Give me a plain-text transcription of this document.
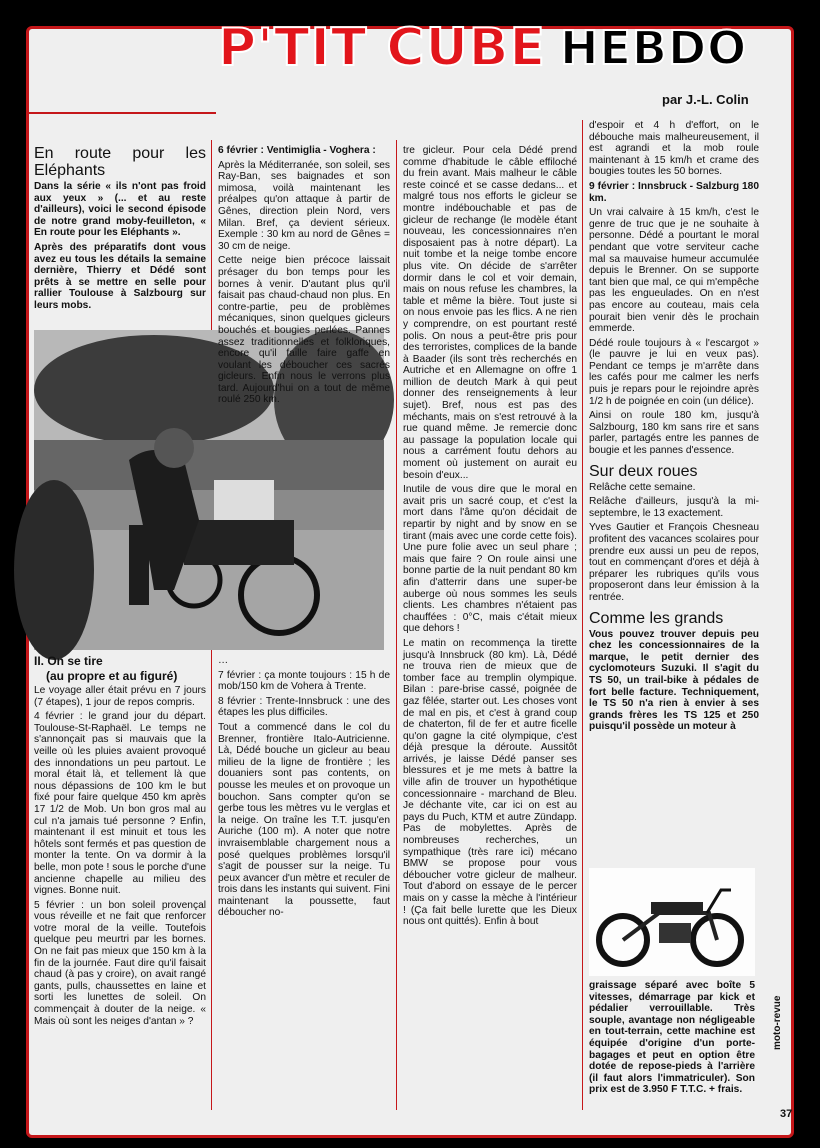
P'TIT CUBE HEBDO
par J.-L. Colin
En route pour les Eléphants

Dans la série « ils n'ont pas froid aux yeux » (... et au reste d'ailleurs), voici le second épisode de notre grand moby-feuilleton, « En route pour les Eléphants ».

Après des préparatifs dont vous avez eu tous les détails la semaine dernière, Thierry et Dédé sont prêts à se mettre en selle pour rallier Toulouse à Salzbourg sur leurs mobs.

II. On se tire
(au propre et au figuré)

Le voyage aller était prévu en 7 jours (7 étapes), 1 jour de repos compris.

4 février : le grand jour du départ. Toulouse-St-Raphaël. Le temps ne s'annonçait pas si mauvais que la veille où les pluies avaient provoqué des innondations un peu partout. Le moral était là, et tellement là que nous dépassions de 100 km le but fixé pour faire quelque 450 km après 17 1/2 de Mob. Un bon gros mal au cul n'a jamais tué personne ? Enfin, maintenant il est minuit et tous les hôtels sont fermés et pas question de monter la tente. On va dormir à la belle, mon pote ! sous le porche d'une ancienne chapelle au milieu des vignes. Bonne nuit.

5 février : un bon soleil provençal vous réveille et ne fait que renforcer votre moral de la veille. Toutefois quelque peu meurtri par les bornes. On ne fait pas mieux que 150 km à la fin de la journée. Faut dire qu'il faisait chaud (à pas y croire), on avait rangé gants, pulls, chaussettes en laine et sorti les lunettes de soleil. On commençait à douter de la neige. « Mais où sont les neiges d'antan » ?

6 février : Ventimiglia - Voghera :

Après la Méditerranée, son soleil, ses Ray-Ban, ses baignades et son mimosa, voilà maintenant les préalpes qu'on attaque à partir de Gênes, direction plein Nord, vers Milan. Bref, ça devient sérieux. Exemple : 30 km au nord de Gênes = 30 cm de neige.

Cette neige bien précoce laissait présager du bon temps pour les bornes à venir. D'autant plus qu'il faisait pas chaud-chaud non plus. En contre-partie, peu de problèmes mécaniques, sinon quelques gicleurs bouchés et bougies perlées. Pannes assez traditionnelles et folkloriques, encore qu'il faille faire gaffe en voulant les déboucher ces sacrés gicleurs. Enfin nous le verrons plus tard. Aujourd'hui on a tout de même roulé 250 km.

…

7 février : ça monte toujours : 15 h de mob/150 km de Vohera à Trente.

8 février : Trente-Innsbruck : une des étapes les plus difficiles.

Tout a commencé dans le col du Brenner, frontière Italo-Autricienne. Là, Dédé bouche un gicleur au beau milieu de la ligne de frontière ; les douaniers sont pas contents, on pousse les meules et on provoque un bouchon. Sans compter qu'on se gerbe tous les mètres vu le verglas et la neige. On traîne les T.T. jusqu'en Auriche (100 m). A noter que notre invraisemblable chargement nous a posé quelques problèmes lorsqu'il s'agit de pousser sur la neige. Tu peux avancer d'un mètre et reculer de trois dans les instants qui suivent. Fini maintenant la poussette, faut déboucher no-

tre gicleur. Pour cela Dédé prend comme d'habitude le câble effiloché du frein avant. Mais malheur le câble reste coincé et se casse dedans... et malgré tous nos efforts le gicleur se montre indébouchable et pas de gicleur de rechange (le modèle étant nouveau, les concessionnaires n'en disposaient pas à notre départ). La nuit tombe et la neige tombe encore plus vite. On décide de s'arrêter dormir dans le col et voir demain, mais on nous refuse les chambres, la table et même la bière. Tout juste si on nous envoie pas les flics. A ne rien y comprendre, on est pourtant resté polis. On nous a peut-être pris pour des terroristes, complices de la bande à Baader (ils sont très recherchés en Autriche et en Allemagne on offre 1 million de deutch Mark à qui peut donner des renseignements à leur sujet). Bref, nous est pas des méchants, mais on s'est retrouvé à la rue quand même. Je remercie donc au passage la population locale qui nous a carrément foutu dehors au moment où justement on aurait eu besoin d'eux...

Inutile de vous dire que le moral en avait pris un sacré coup, et c'est la mort dans l'âme qu'on décidait de repartir by night and by snow en se tirant (mais avec une corde cette fois). Une pure folie avec un seul phare ; mais que faire ? On roule ainsi une bonne partie de la nuit pendant 80 km afin d'atterrir dans une super-be auberge où nous sommes les seuls clients. Les chambres n'étaient pas chauffées : 0°C, mais c'était mieux que dehors !

Le matin on recommença la tirette jusqu'à Innsbruck (80 km). Là, Dédé ne trouva rien de mieux que de tomber face au tremplin olympique. Bilan : pare-brise cassé, poignée de gaz fêlée, starter out. Les choses vont de mal en pis, et c'est à grand coup de chaterton, fil de fer et autre ficelle qu'on gagne la cité olympique, c'est déjà presque la déroute. Aussitôt arrivés, je laisse Dédé panser ses blessures et je me mets à battre la ville afin de trouver un hypothétique concessionnaire - marchand de Bleu. Je déchante vite, car ici on est au pays du Puch, KTM et autre Zündapp. Pas de mobylettes. Après de nombreuses recherches, un sympathique (très rare ici) mécano BMW se propose pour vous déboucher votre gicleur de malheur. Tout d'abord on essaye de le percer mais on y casse la mèche à l'intérieur ! (Ça fait belle lurette que les Dieux nous ont quittés). Enfin à bout

d'espoir et 4 h d'effort, on le débouche mais malheureusement, il est agrandi et la mob roule maintenant à 15 km/h et crame des bougies toutes les 50 bornes.

9 février : Innsbruck - Salzburg 180 km.

Un vrai calvaire à 15 km/h, c'est le genre de truc que je ne souhaite à personne. Dédé a pourtant le moral pendant que votre serviteur cache mal sa mauvaise humeur accumulée depuis le Brenner. On se supporte tant bien que mal, ce qui m'empêche pas les engueulades. On en n'est pas encore au couteau, mais cela pourait bien venir dès le prochain emmerde.

Dédé roule toujours à « l'escargot » (le pauvre je lui en veux pas). Pendant ce temps je m'arrête dans les cafés pour me calmer les nerfs puis je repars pour le rejoindre après 1/2 h de poignée en coin (un délice).

Ainsi on roule 180 km, jusqu'à Salzbourg, 180 km sans rire et sans parler, partagés entre les pannes de bougie et les pannes d'essence.

Sur deux roues

Relâche cette semaine.

Relâche d'ailleurs, jusqu'à la mi-septembre, le 13 exactement.

Yves Gautier et François Chesneau profitent des vacances scolaires pour prendre eux aussi un peu de repos, tout en commençant d'ores et déjà à préparer les rubriques qu'ils vous proposeront dans leur émission à la rentrée.

Comme les grands

Vous pouvez trouver depuis peu chez les concessionnaires de la marque, le petit dernier des cyclomoteurs Suzuki. Il s'agit du TS 50, un trail-bike à pédales de fort belle facture. Techniquement, le TS 50 n'a rien à envier à ses grands frères les TS 125 et 250 puisqu'il possède un moteur à

graissage séparé avec boîte 5 vitesses, démarrage par kick et pédalier verrouillable. Très souple, avantage non négligeable en tout-terrain, cette machine est équipée d'origine d'un porte-bagages et peut en option être dotée de repose-pieds à l'arrière (il faut alors l'immatriculer). Son prix est de 3.950 F T.T.C. + frais.

moto-revue
37
